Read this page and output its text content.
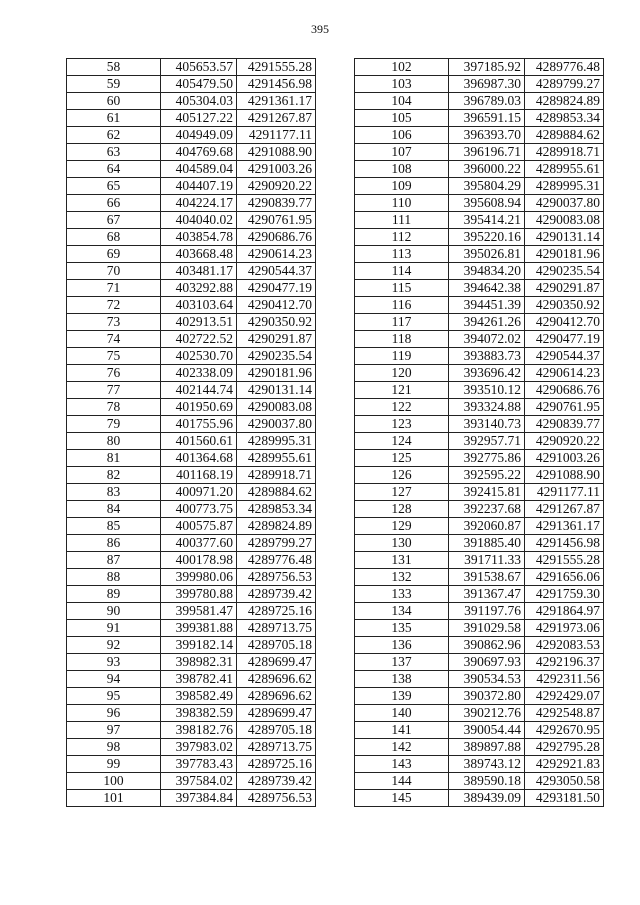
395
58	405653.57	4291555.28
59	405479.50	4291456.98
60	405304.03	4291361.17
61	405127.22	4291267.87
62	404949.09	4291177.11
63	404769.68	4291088.90
64	404589.04	4291003.26
65	404407.19	4290920.22
66	404224.17	4290839.77
67	404040.02	4290761.95
68	403854.78	4290686.76
69	403668.48	4290614.23
70	403481.17	4290544.37
71	403292.88	4290477.19
72	403103.64	4290412.70
73	402913.51	4290350.92
74	402722.52	4290291.87
75	402530.70	4290235.54
76	402338.09	4290181.96
77	402144.74	4290131.14
78	401950.69	4290083.08
79	401755.96	4290037.80
80	401560.61	4289995.31
81	401364.68	4289955.61
82	401168.19	4289918.71
83	400971.20	4289884.62
84	400773.75	4289853.34
85	400575.87	4289824.89
86	400377.60	4289799.27
87	400178.98	4289776.48
88	399980.06	4289756.53
89	399780.88	4289739.42
90	399581.47	4289725.16
91	399381.88	4289713.75
92	399182.14	4289705.18
93	398982.31	4289699.47
94	398782.41	4289696.62
95	398582.49	4289696.62
96	398382.59	4289699.47
97	398182.76	4289705.18
98	397983.02	4289713.75
99	397783.43	4289725.16
100	397584.02	4289739.42
101	397384.84	4289756.53
102	397185.92	4289776.48
103	396987.30	4289799.27
104	396789.03	4289824.89
105	396591.15	4289853.34
106	396393.70	4289884.62
107	396196.71	4289918.71
108	396000.22	4289955.61
109	395804.29	4289995.31
110	395608.94	4290037.80
111	395414.21	4290083.08
112	395220.16	4290131.14
113	395026.81	4290181.96
114	394834.20	4290235.54
115	394642.38	4290291.87
116	394451.39	4290350.92
117	394261.26	4290412.70
118	394072.02	4290477.19
119	393883.73	4290544.37
120	393696.42	4290614.23
121	393510.12	4290686.76
122	393324.88	4290761.95
123	393140.73	4290839.77
124	392957.71	4290920.22
125	392775.86	4291003.26
126	392595.22	4291088.90
127	392415.81	4291177.11
128	392237.68	4291267.87
129	392060.87	4291361.17
130	391885.40	4291456.98
131	391711.33	4291555.28
132	391538.67	4291656.06
133	391367.47	4291759.30
134	391197.76	4291864.97
135	391029.58	4291973.06
136	390862.96	4292083.53
137	390697.93	4292196.37
138	390534.53	4292311.56
139	390372.80	4292429.07
140	390212.76	4292548.87
141	390054.44	4292670.95
142	389897.88	4292795.28
143	389743.12	4292921.83
144	389590.18	4293050.58
145	389439.09	4293181.50
